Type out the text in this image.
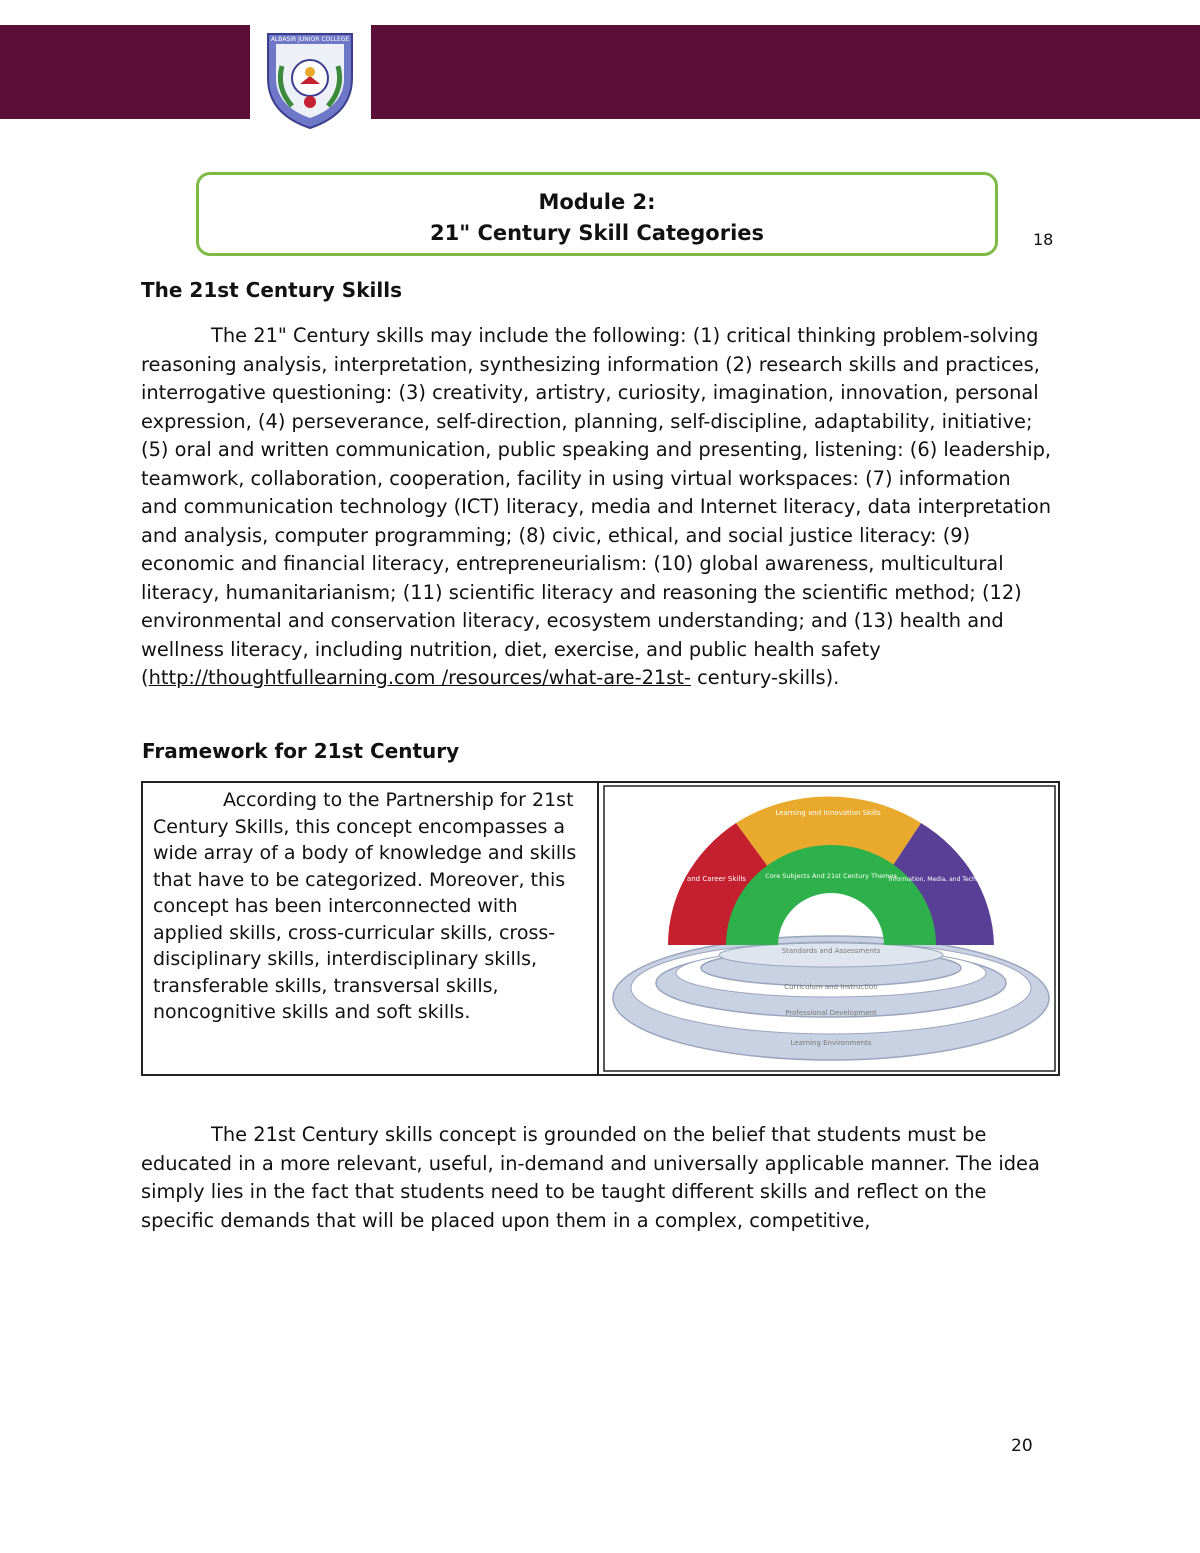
ALBASIR JUNIOR COLLEGE
Module 2:
21" Century Skill Categories	18
The 21st Century Skills

The 21" Century skills may include the following: (1) critical thinking problem-solving reasoning analysis, interpretation, synthesizing information (2) research skills and practices, interrogative questioning: (3) creativity, artistry, curiosity, imagination, innovation, personal expression, (4) perseverance, self-direction, planning, self-discipline, adaptability, initiative; (5) oral and written communication, public speaking and presenting, listening: (6) leadership, teamwork, collaboration, cooperation, facility in using virtual workspaces: (7) information and communication technology (ICT) literacy, media and Internet literacy, data interpretation and analysis, computer programming; (8) civic, ethical, and social justice literacy: (9) economic and financial literacy, entrepreneurialism: (10) global awareness, multicultural literacy, humanitarianism; (11) scientific literacy and reasoning the scientific method; (12) environmental and conservation literacy, ecosystem understanding; and (13) health and wellness literacy, including nutrition, diet, exercise, and public health safety (http://thoughtfullearning.com /resources/what-are-21st- century-skills).

Framework for 21st Century
According to the Partnership for 21st Century Skills, this concept encompasses a wide array of a body of knowledge and skills that have to be categorized. Moreover, this concept has been interconnected with applied skills, cross-curricular skills, cross- disciplinary skills, interdisciplinary skills, transferable skills, transversal skills, noncognitive skills and soft skills.
Learning and Innovation Skills
Life and Career Skills	Information, Media, and Technology Skills
Core Subjects And 21st Century Themes
Standards and Assessments
Curriculum and Instruction
Professional Development
Learning Environments

The 21st Century skills concept is grounded on the belief that students must be educated in a more relevant, useful, in-demand and universally applicable manner. The idea simply lies in the fact that students need to be taught different skills and reflect on the specific demands that will be placed upon them in a complex, competitive,

20
